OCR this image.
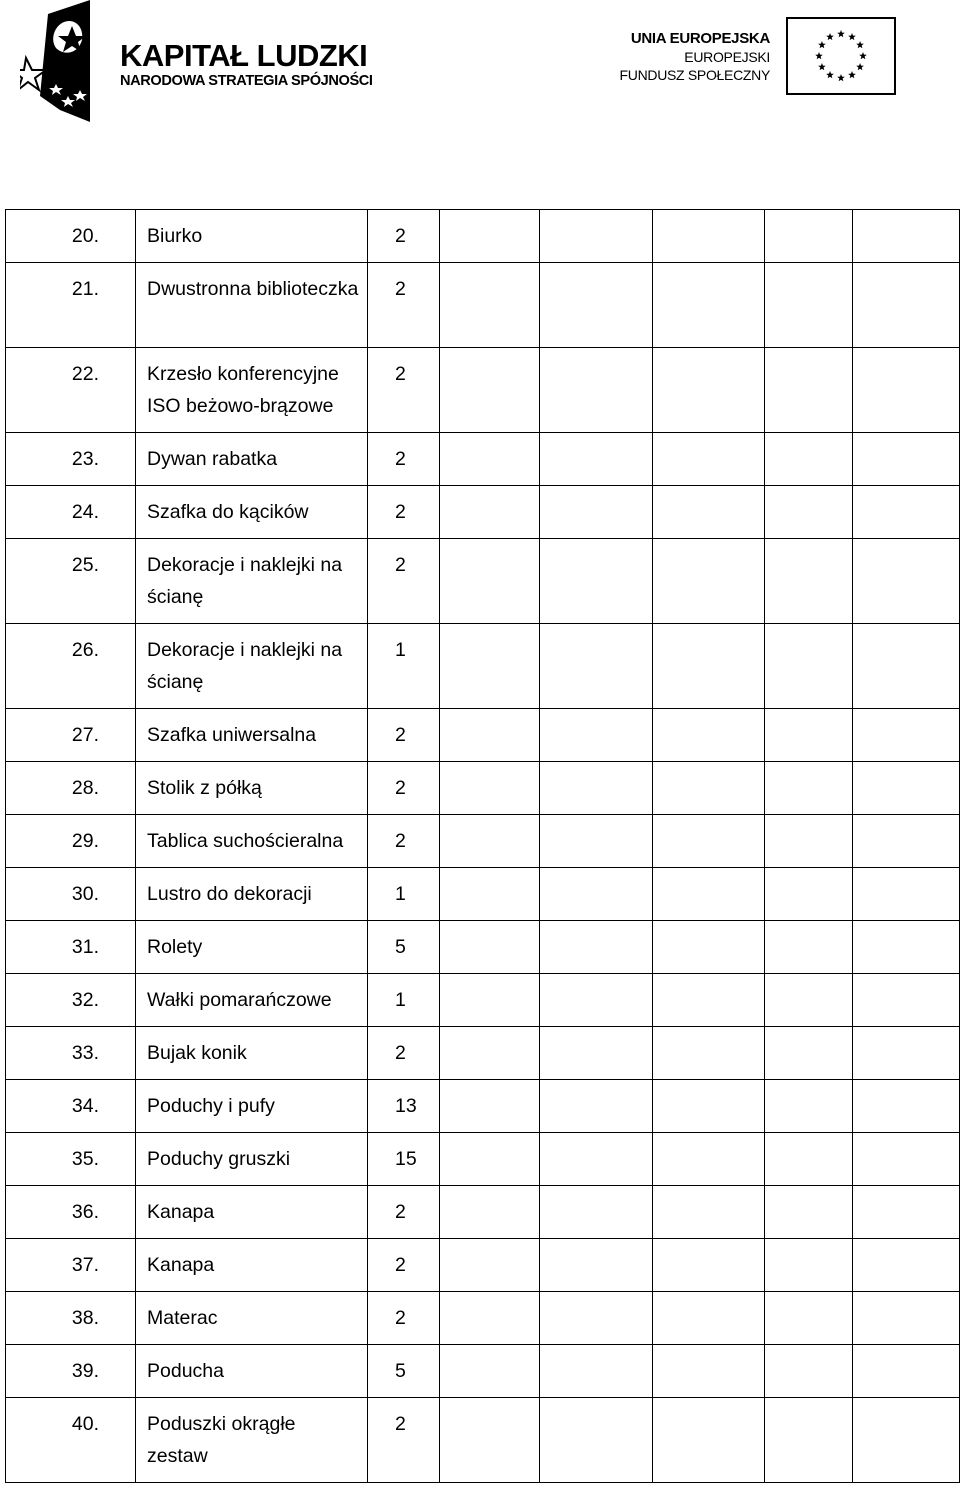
KAPITAŁ LUDZKI
NARODOWA STRATEGIA SPÓJNOŚCI
UNIA EUROPEJSKA
EUROPEJSKI
FUNDUSZ SPOŁECZNY
20.	Biurko	2					

21.	Dwustronna biblioteczka	2					

22.	Krzesło konferencyjne ISO beżowo-brązowe	2					

23.	Dywan rabatka	2					

24.	Szafka do kącików	2					

25.	Dekoracje i naklejki na ścianę	2					

26.	Dekoracje i naklejki na ścianę	1					

27.	Szafka uniwersalna	2					

28.	Stolik z półką	2					

29.	Tablica suchościeralna	2					

30.	Lustro do dekoracji	1					

31.	Rolety	5					

32.	Wałki pomarańczowe	1					

33.	Bujak konik	2					

34.	Poduchy i pufy	13					

35.	Poduchy gruszki	15					

36.	Kanapa	2					

37.	Kanapa	2					

38.	Materac	2					

39.	Poducha	5					

40.	Poduszki okrągłe zestaw	2					
